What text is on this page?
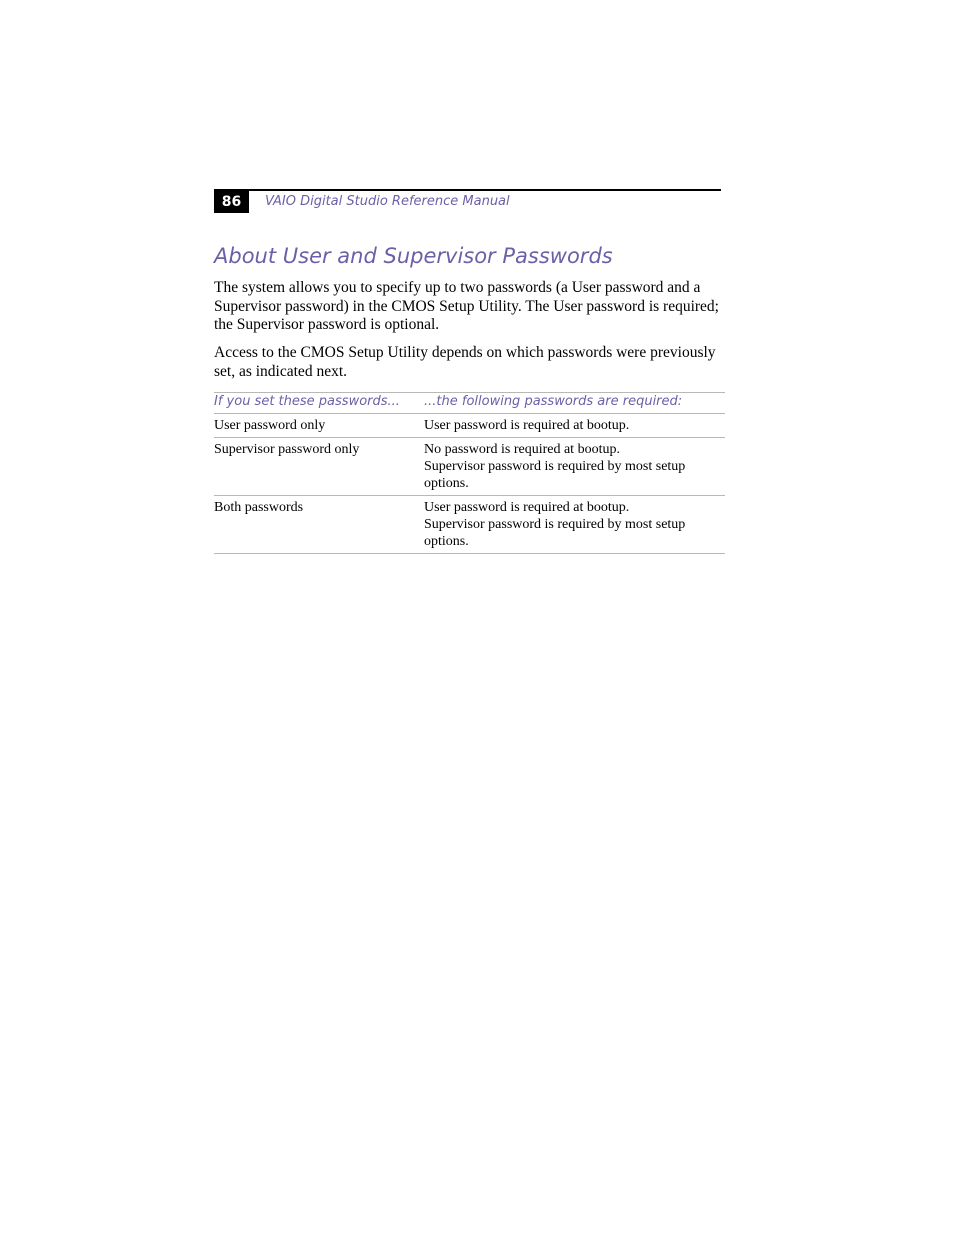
86	VAIO Digital Studio Reference Manual
About User and Supervisor Passwords

The system allows you to specify up to two passwords (a User password and a Supervisor password) in the CMOS Setup Utility. The User password is required; the Supervisor password is optional.

Access to the CMOS Setup Utility depends on which passwords were previously set, as indicated next.

If you set these passwords...	...the following passwords are required:
User password only	User password is required at bootup.

Supervisor password only	No password is required at bootup.
Supervisor password is required by most setup options.

Both passwords	User password is required at bootup.
Supervisor password is required by most setup options.
